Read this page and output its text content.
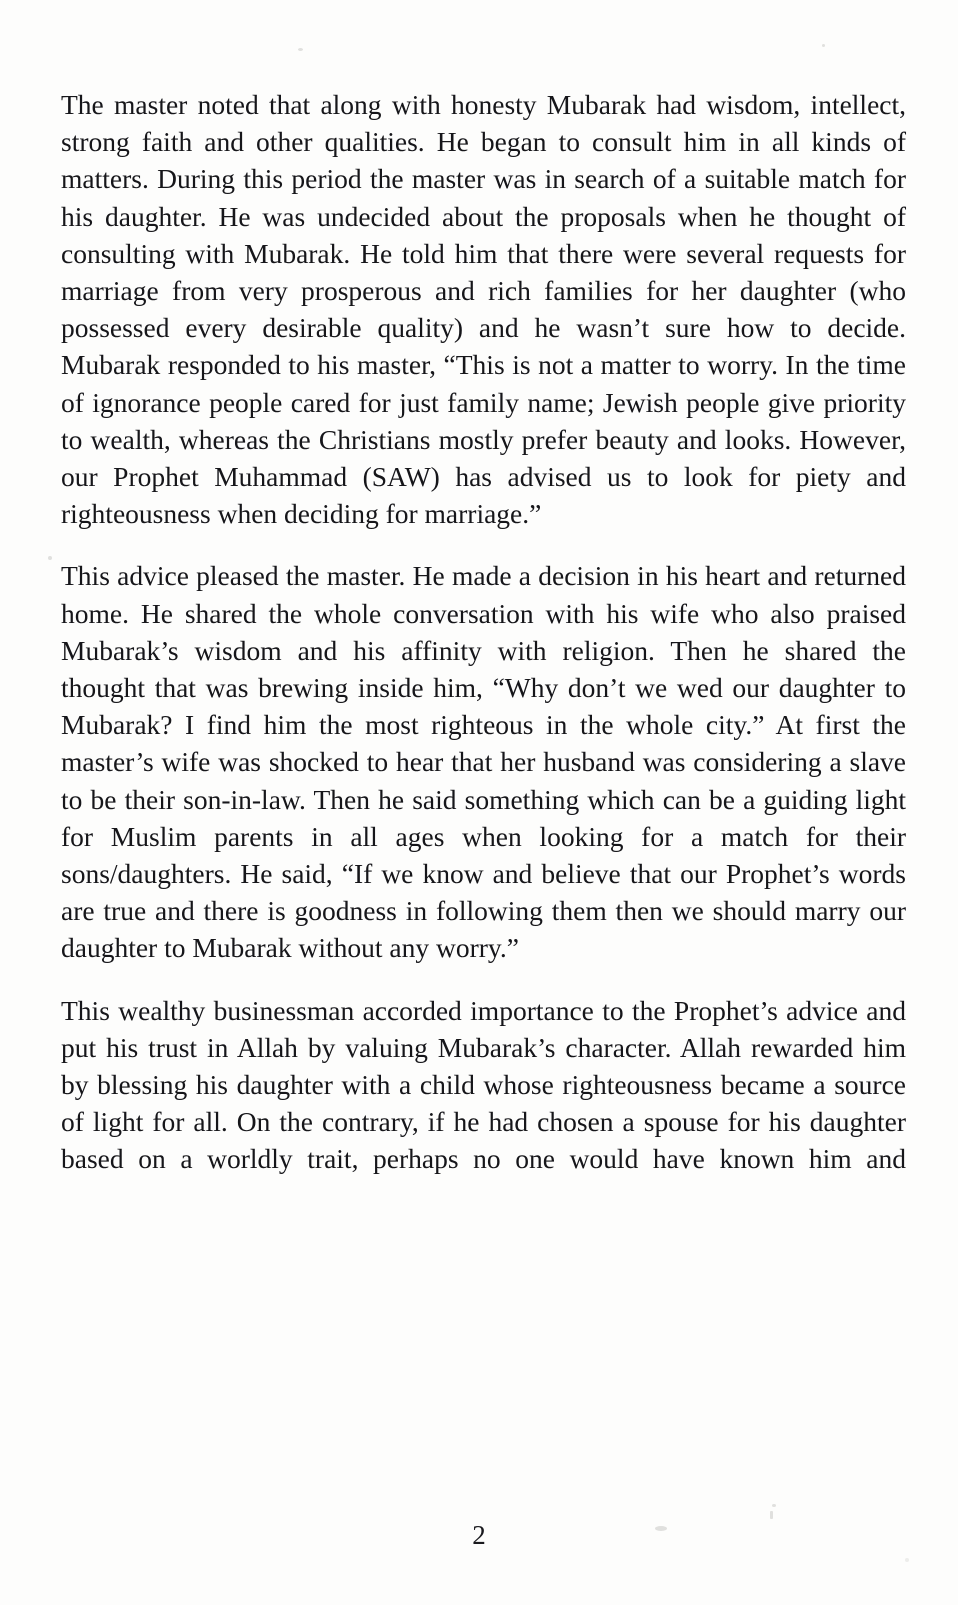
The master noted that along with honesty Mubarak had wisdom, intellect, strong faith and other qualities. He began to consult him in all kinds of matters. During this period the master was in search of a suitable match for his daughter. He was undecided about the proposals when he thought of consulting with Mubarak. He told him that there were several requests for marriage from very prosperous and rich families for her daughter (who possessed every desirable quality) and he wasn’t sure how to decide. Mubarak responded to his master, “This is not a matter to worry. In the time of ignorance people cared for just family name; Jewish people give priority to wealth, whereas the Christians mostly prefer beauty and looks. However, our Prophet Muhammad (SAW) has advised us to look for piety and righteousness when deciding for marriage.”

This advice pleased the master. He made a decision in his heart and returned home. He shared the whole conversation with his wife who also praised Mubarak’s wisdom and his affinity with religion. Then he shared the thought that was brewing inside him, “Why don’t we wed our daughter to Mubarak? I find him the most righteous in the whole city.” At first the master’s wife was shocked to hear that her husband was considering a slave to be their son-in-law. Then he said something which can be a guiding light for Muslim parents in all ages when looking for a match for their sons/daughters. He said, “If we know and believe that our Prophet’s words are true and there is goodness in following them then we should marry our daughter to Mubarak without any worry.”

This wealthy businessman accorded importance to the Prophet’s advice and put his trust in Allah by valuing Mubarak’s character. Allah rewarded him by blessing his daughter with a child whose righteousness became a source of light for all. On the contrary, if he had chosen a spouse for his daughter based on a worldly trait, perhaps no one would have known him and

2
